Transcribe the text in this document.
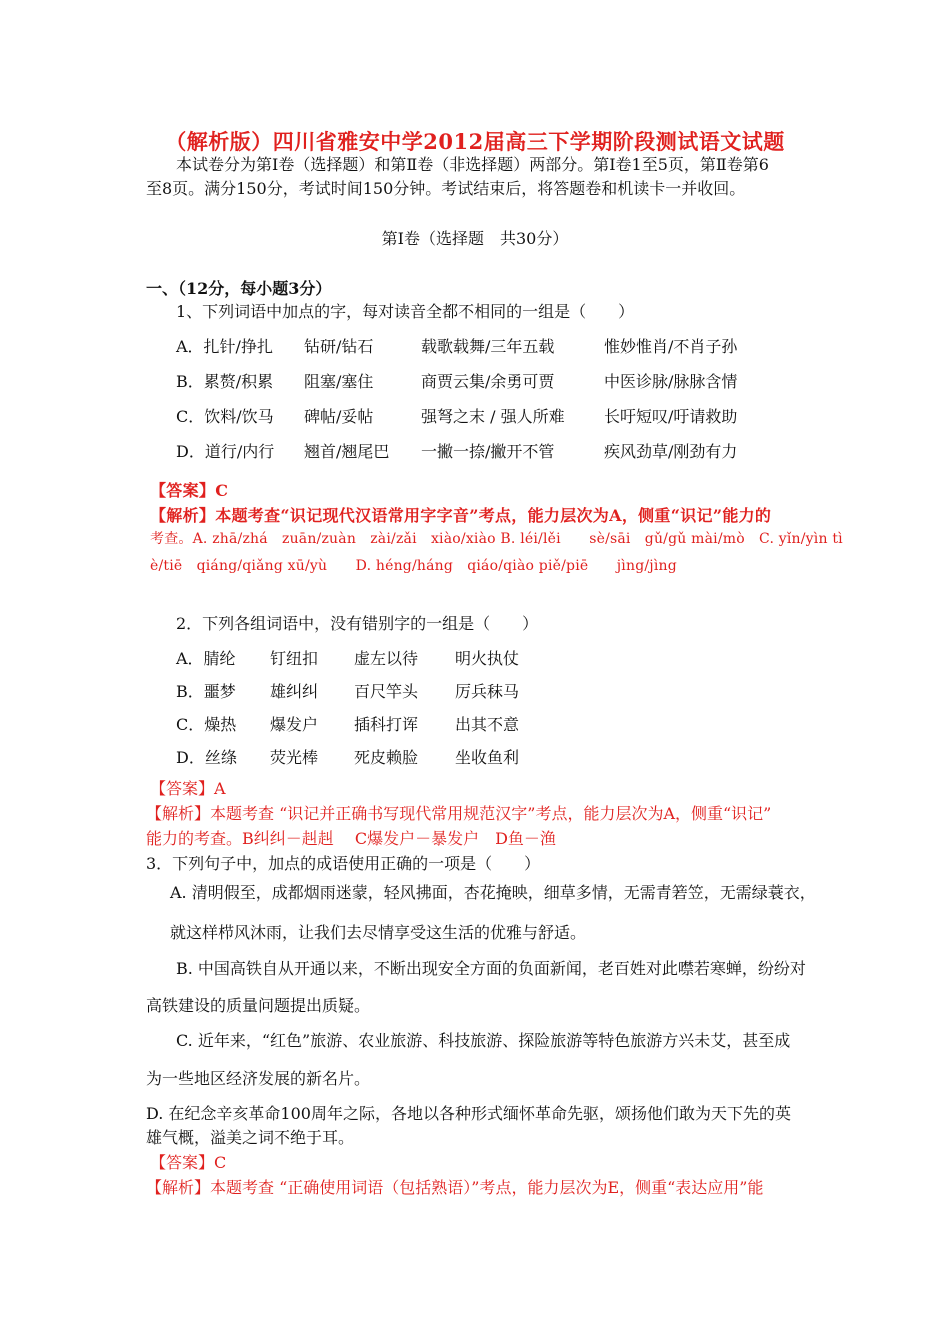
（解析版）四川省雅安中学2012届高三下学期阶段测试语文试题
本试卷分为第Ⅰ卷（选择题）和第Ⅱ卷（非选择题）两部分。第Ⅰ卷1至5页，第Ⅱ卷第6
至8页。满分150分，考试时间150分钟。考试结束后，将答题卷和机读卡一并收回。
第Ⅰ卷（选择题　共30分）
一、（12分，每小题3分）
1、下列词语中加点的字，每对读音全都不相同的一组是（　　）
A．扎针/挣扎	钻研/钻石	载歌载舞/三年五载	惟妙惟肖/不肖子孙
B．累赘/积累	阻塞/塞住	商贾云集/余勇可贾	中医诊脉/脉脉含情
C．饮料/饮马	碑帖/妥帖	强弩之末 / 强人所难	长吁短叹/吁请救助
D．道行/内行	翘首/翘尾巴	一撇一捺/撇开不管	疾风劲草/刚劲有力
【答案】C
【解析】本题考查“识记现代汉语常用字字音”考点，能力层次为A，侧重“识记”能力的
考查。A. zhā/zhá　zuān/zuàn　zài/zǎi　xiào/xiào B. léi/lěi　　sè/sāi　gǔ/gǔ mài/mò　C. yǐn/yìn tì
è/tiē　qiáng/qiǎng xū/yù　　D. héng/háng　qiáo/qiào piě/piē　　jìng/jìng
2．下列各组词语中，没有错别字的一组是（　　）
A．腈纶	钉纽扣	虚左以待	明火执仗
B．噩梦	雄纠纠	百尺竿头	厉兵秣马
C．燥热	爆发户	插科打诨	出其不意
D．丝绦	荧光棒	死皮赖脸	坐收鱼利
【答案】A
【解析】本题考查 “识记并正确书写现代常用规范汉字”考点，能力层次为A，侧重“识记”
能力的考查。B纠纠－赳赳　 C爆发户－暴发户　D鱼－渔
3．下列句子中，加点的成语使用正确的一项是（　　）
A. 清明假至，成都烟雨迷蒙，轻风拂面，杏花掩映，细草多情，无需青箬笠，无需绿蓑衣，
就这样栉风沐雨，让我们去尽情享受这生活的优雅与舒适。
B. 中国高铁自从开通以来，不断出现安全方面的负面新闻，老百姓对此噤若寒蝉，纷纷对
高铁建设的质量问题提出质疑。
C. 近年来，“红色”旅游、农业旅游、科技旅游、探险旅游等特色旅游方兴未艾，甚至成
为一些地区经济发展的新名片。
D. 在纪念辛亥革命100周年之际，各地以各种形式缅怀革命先驱，颂扬他们敢为天下先的英
雄气概，溢美之词不绝于耳。
【答案】C
【解析】本题考查 “正确使用词语（包括熟语）”考点，能力层次为E，侧重“表达应用”能
